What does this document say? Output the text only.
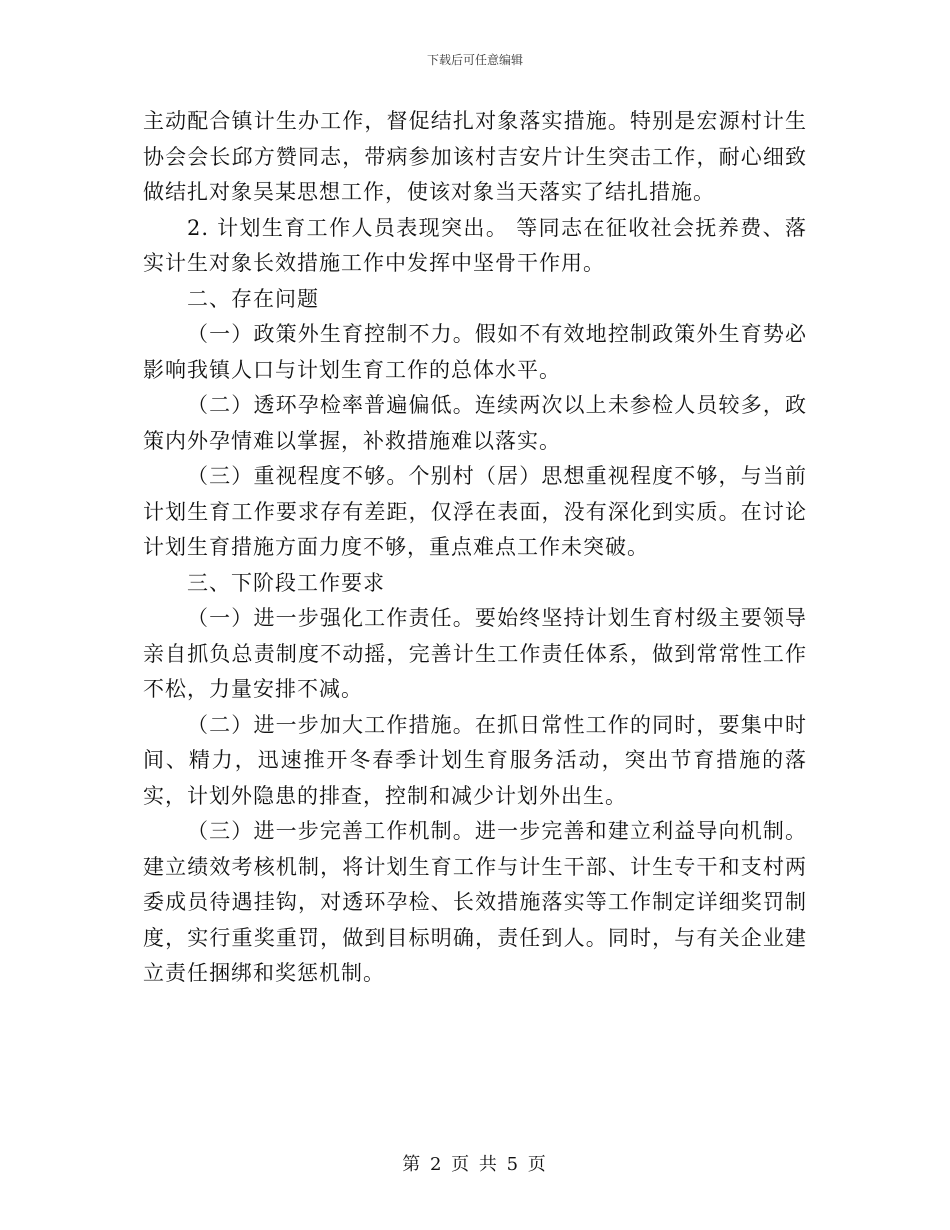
下载后可任意编辑

主动配合镇计生办工作，督促结扎对象落实措施。特别是宏源村计生协会会长邱方赞同志，带病参加该村吉安片计生突击工作，耐心细致做结扎对象吴某思想工作，使该对象当天落实了结扎措施。

2. 计划生育工作人员表现突出。 等同志在征收社会抚养费、落实计生对象长效措施工作中发挥中坚骨干作用。

二、存在问题

（一）政策外生育控制不力。假如不有效地控制政策外生育势必影响我镇人口与计划生育工作的总体水平。

（二）透环孕检率普遍偏低。连续两次以上未参检人员较多，政策内外孕情难以掌握，补救措施难以落实。

（三）重视程度不够。个别村（居）思想重视程度不够，与当前计划生育工作要求存有差距，仅浮在表面，没有深化到实质。在讨论计划生育措施方面力度不够，重点难点工作未突破。

三、下阶段工作要求

（一）进一步强化工作责任。要始终坚持计划生育村级主要领导亲自抓负总责制度不动摇，完善计生工作责任体系，做到常常性工作不松，力量安排不减。

（二）进一步加大工作措施。在抓日常性工作的同时，要集中时间、精力，迅速推开冬春季计划生育服务活动，突出节育措施的落实，计划外隐患的排查，控制和减少计划外出生。

（三）进一步完善工作机制。进一步完善和建立利益导向机制。建立绩效考核机制，将计划生育工作与计生干部、计生专干和支村两委成员待遇挂钩，对透环孕检、长效措施落实等工作制定详细奖罚制度，实行重奖重罚，做到目标明确，责任到人。同时，与有关企业建立责任捆绑和奖惩机制。

第 2 页 共 5 页
